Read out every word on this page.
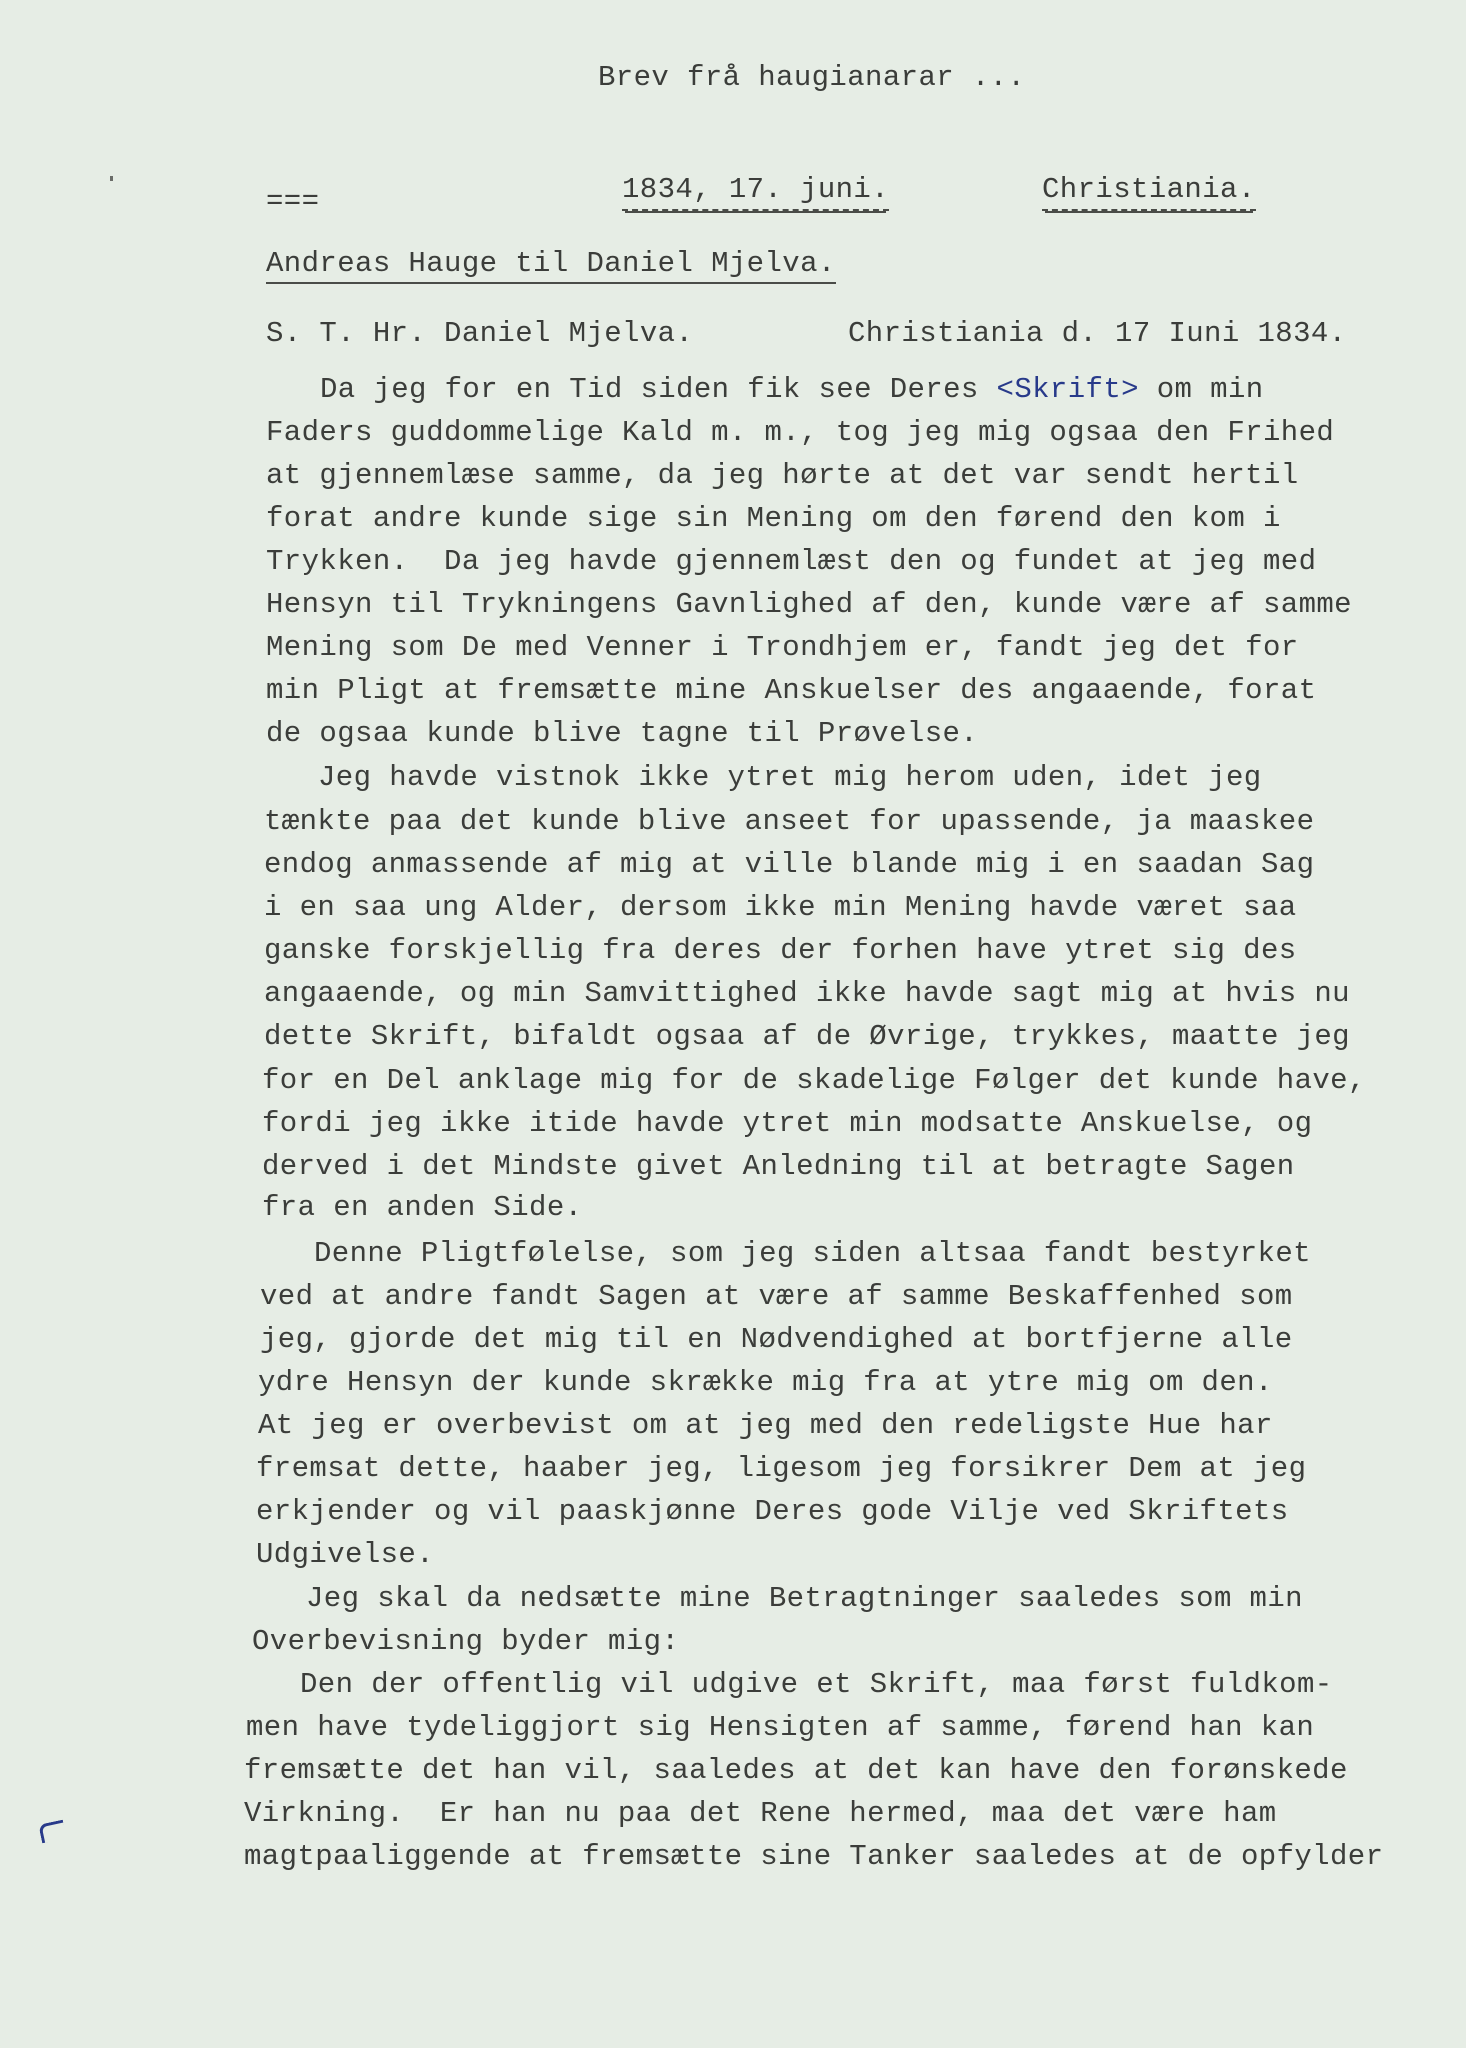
Brev frå haugianarar ...
===	1834, 17. juni.	Christiania.
Andreas Hauge til Daniel Mjelva.
S. T. Hr. Daniel Mjelva.	Christiania d. 17 Iuni 1834.
Da jeg for en Tid siden fik see Deres <Skrift> om min
Faders guddommelige Kald m. m., tog jeg mig ogsaa den Frihed
at gjennemlæse samme, da jeg hørte at det var sendt hertil
forat andre kunde sige sin Mening om den førend den kom i
Trykken.  Da jeg havde gjennemlæst den og fundet at jeg med
Hensyn til Trykningens Gavnlighed af den, kunde være af samme
Mening som De med Venner i Trondhjem er, fandt jeg det for
min Pligt at fremsætte mine Anskuelser des angaaende, forat
de ogsaa kunde blive tagne til Prøvelse.
Jeg havde vistnok ikke ytret mig herom uden, idet jeg
tænkte paa det kunde blive anseet for upassende, ja maaskee
endog anmassende af mig at ville blande mig i en saadan Sag
i en saa ung Alder, dersom ikke min Mening havde været saa
ganske forskjellig fra deres der forhen have ytret sig des
angaaende, og min Samvittighed ikke havde sagt mig at hvis nu
dette Skrift, bifaldt ogsaa af de Øvrige, trykkes, maatte jeg
for en Del anklage mig for de skadelige Følger det kunde have,
fordi jeg ikke itide havde ytret min modsatte Anskuelse, og
derved i det Mindste givet Anledning til at betragte Sagen
fra en anden Side.
Denne Pligtfølelse, som jeg siden altsaa fandt bestyrket
ved at andre fandt Sagen at være af samme Beskaffenhed som
jeg, gjorde det mig til en Nødvendighed at bortfjerne alle
ydre Hensyn der kunde skrække mig fra at ytre mig om den.
At jeg er overbevist om at jeg med den redeligste Hue har
fremsat dette, haaber jeg, ligesom jeg forsikrer Dem at jeg
erkjender og vil paaskjønne Deres gode Vilje ved Skriftets
Udgivelse.
Jeg skal da nedsætte mine Betragtninger saaledes som min
Overbevisning byder mig:
Den der offentlig vil udgive et Skrift, maa først fuldkom-
men have tydeliggjort sig Hensigten af samme, førend han kan
fremsætte det han vil, saaledes at det kan have den forønskede
Virkning.  Er han nu paa det Rene hermed, maa det være ham
magtpaaliggende at fremsætte sine Tanker saaledes at de opfylder
